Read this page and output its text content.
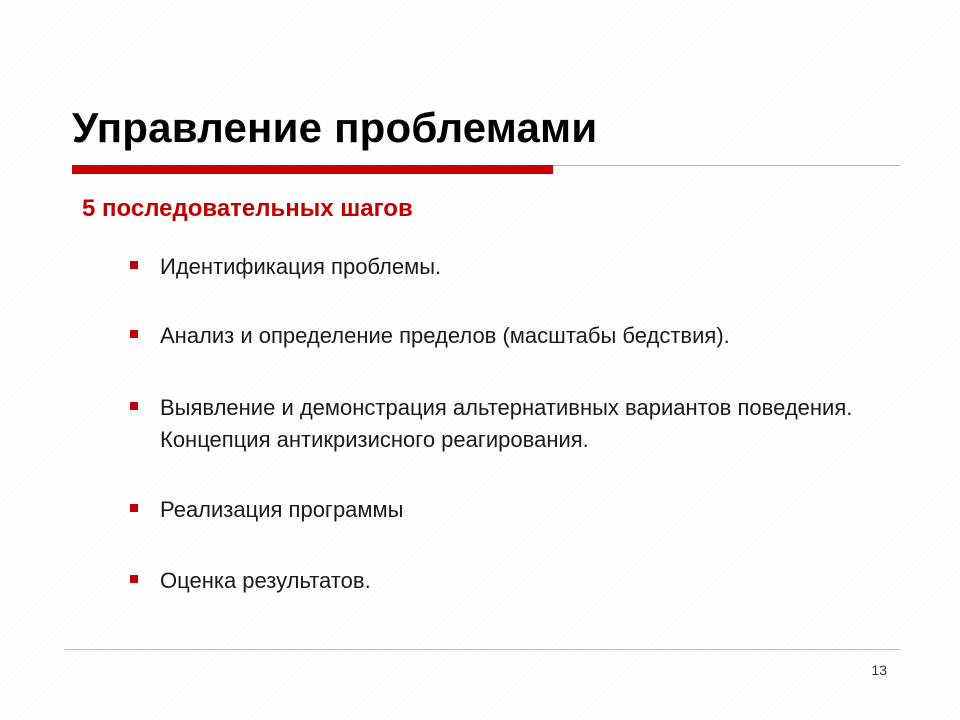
Управление проблемами
5 последовательных шагов
Идентификация проблемы.
Анализ и определение пределов (масштабы бедствия).
Выявление и демонстрация альтернативных вариантов поведения. Концепция антикризисного реагирования.
Реализация программы
Оценка результатов.
13
